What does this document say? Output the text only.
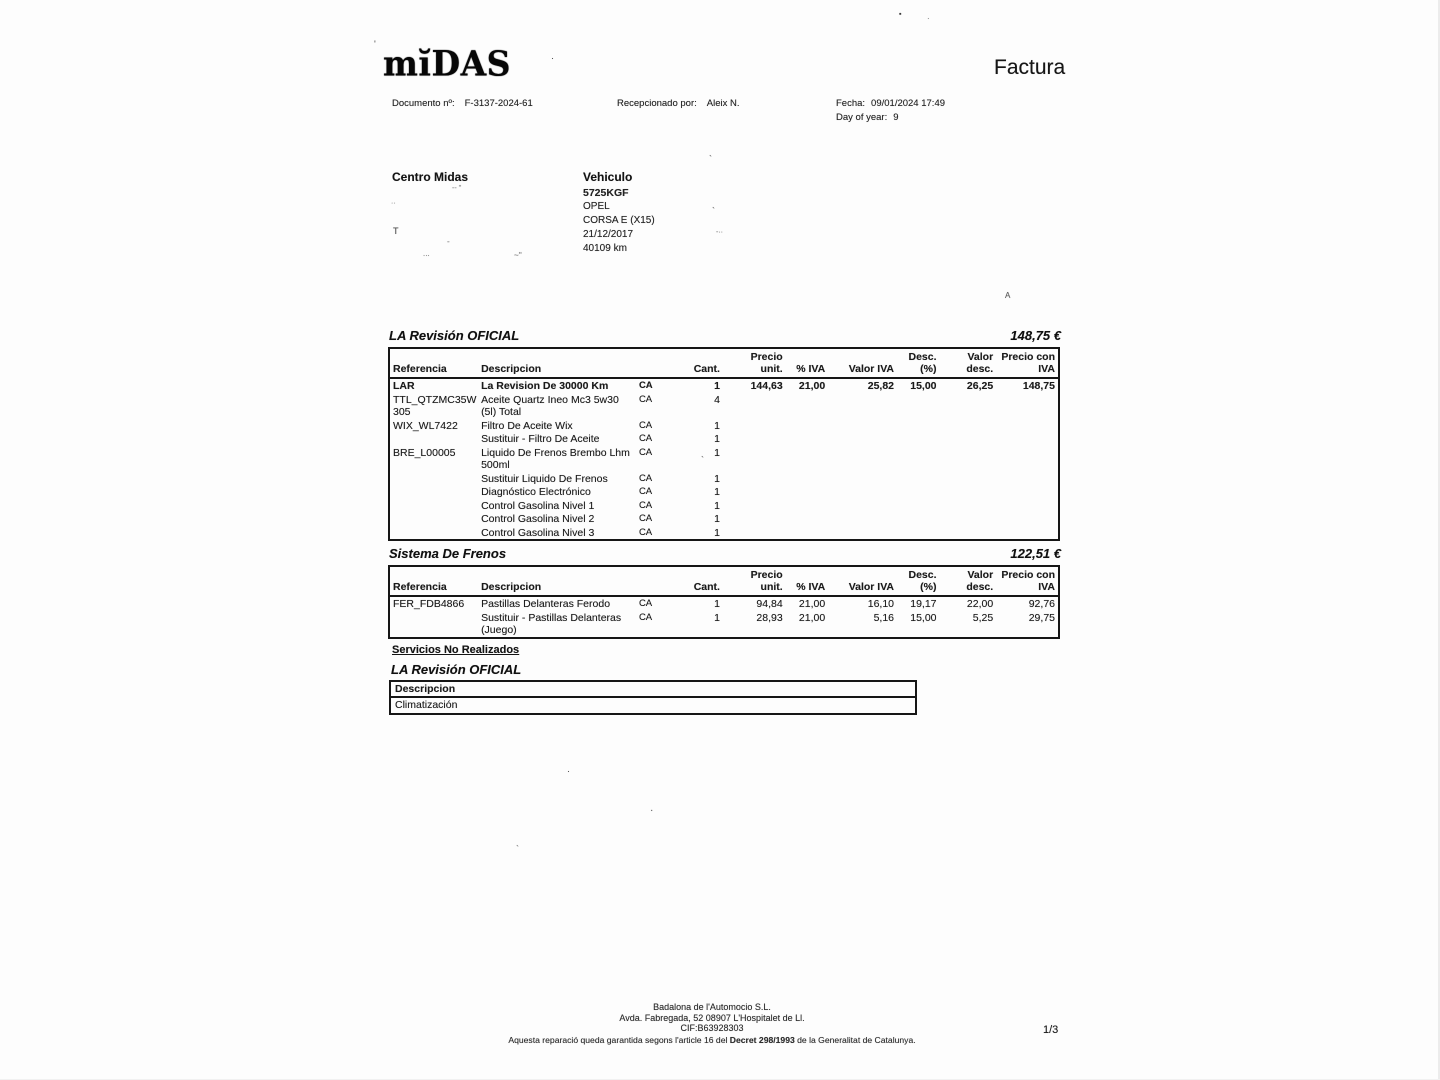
mĭDAS	Factura
Documento nº: F-3137-2024-61	Recepcionado por: Aleix N.	Fecha: 09/01/2024 17:49
Day of year: 9
Centro Midas	Vehiculo
5725KGF
OPEL
CORSA E (X15)
21/12/2017
40109 km
LA Revisión OFICIAL	148,75 €
Referencia	Descripcion		Cant.	Precio unit.	% IVA	Valor IVA	Desc. (%)	Valor desc.	Precio con IVA
LAR	La Revision De 30000 Km	CA	1	144,63	21,00	25,82	15,00	26,25	148,75
TTL_QTZMC35W 305	Aceite Quartz Ineo Mc3 5w30 (5l) Total	CA	4						
WIX_WL7422	Filtro De Aceite Wix	CA	1						
	Sustituir - Filtro De Aceite	CA	1						
BRE_L00005	Liquido De Frenos Brembo Lhm 500ml	CA	1						
	Sustituir Liquido De Frenos	CA	1						
	Diagnóstico Electrónico	CA	1						
	Control Gasolina Nivel 1	CA	1						
	Control Gasolina Nivel 2	CA	1						
	Control Gasolina Nivel 3	CA	1						
Sistema De Frenos	122,51 €
Referencia	Descripcion		Cant.	Precio unit.	% IVA	Valor IVA	Desc. (%)	Valor desc.	Precio con IVA
FER_FDB4866	Pastillas Delanteras Ferodo	CA	1	94,84	21,00	16,10	19,17	22,00	92,76
	Sustituir - Pastillas Delanteras (Juego)	CA	1	28,93	21,00	5,16	15,00	5,25	29,75
Servicios No Realizados
LA Revisión OFICIAL
Descripcion
Climatización
Badalona de l'Automocio S.L.
Avda. Fabregada, 52 08907 L'Hospitalet de Ll.
CIF:B63928303
Aquesta reparació queda garantida segons l'article 16 del Decret 298/1993 de la Generalitat de Catalunya.
1/3
▪	·
'
·
-- ''
··
T
-
...	~''
`
`
-··
A
`
·
·
`
